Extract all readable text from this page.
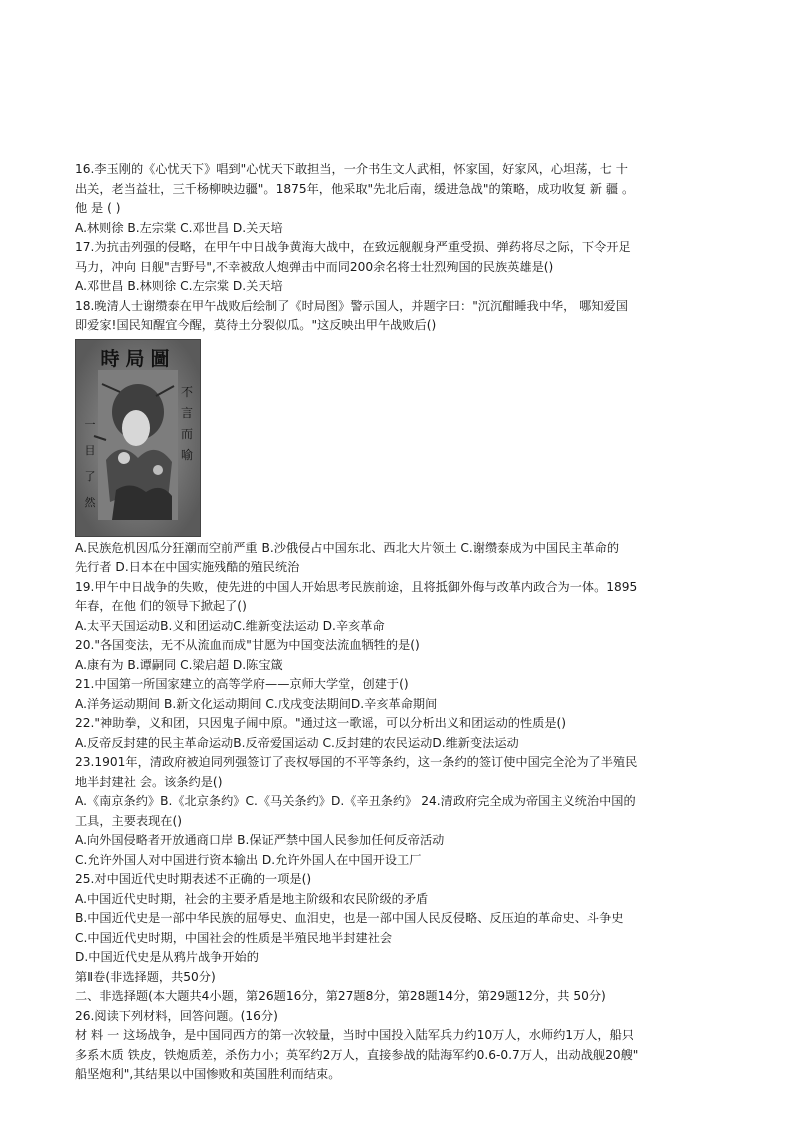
16.李玉刚的《心忧天下》唱到"心忧天下敢担当，一介书生文人武相，怀家国，好家风，心坦荡，七 十
出关，老当益壮，三千杨柳映边疆"。1875年，他采取"先北后南，缓进急战"的策略，成功收复 新 疆 。
他 是 ( )
A.林则徐 B.左宗棠 C.邓世昌 D.关天培
17.为抗击列强的侵略，在甲午中日战争黄海大战中，在致远舰舰身严重受损、弹药将尽之际，下令开足
马力，冲向 日舰"吉野号",不幸被敌人炮弹击中而同200余名将士壮烈殉国的民族英雄是()
A.邓世昌 B.林则徐 C.左宗棠 D.关天培
18.晚清人士谢缵泰在甲午战败后绘制了《时局图》警示国人，并题字曰："沉沉酣睡我中华， 哪知爱国
即爱家!国民知醒宜今醒，莫待土分裂似瓜。"这反映出甲午战败后()
時局圖
不
言
而
喻
一
目
了
然
A.民族危机因瓜分狂潮而空前严重 B.沙俄侵占中国东北、西北大片领土 C.谢缵泰成为中国民主革命的
先行者 D.日本在中国实施残酷的殖民统治
19.甲午中日战争的失败，使先进的中国人开始思考民族前途，且将抵御外侮与改革内政合为一体。1895
年春，在他 们的领导下掀起了()
A.太平天国运动B.义和团运动C.维新变法运动 D.辛亥革命
20."各国变法，无不从流血而成"甘愿为中国变法流血牺牲的是()
A.康有为 B.谭嗣同 C.梁启超 D.陈宝箴
21.中国第一所国家建立的高等学府——京师大学堂，创建于()
A.洋务运动期间 B.新文化运动期间 C.戊戌变法期间D.辛亥革命期间
22."神助拳，义和团，只因鬼子闹中原。"通过这一歌谣，可以分析出义和团运动的性质是()
A.反帝反封建的民主革命运动B.反帝爱国运动 C.反封建的农民运动D.维新变法运动
23.1901年，清政府被迫同列强签订了丧权辱国的不平等条约，这一条约的签订使中国完全沦为了半殖民
地半封建社 会。该条约是()
A.《南京条约》B.《北京条约》C.《马关条约》D.《辛丑条约》 24.清政府完全成为帝国主义统治中国的
工具，主要表现在()
A.向外国侵略者开放通商口岸 B.保证严禁中国人民参加任何反帝活动
C.允许外国人对中国进行资本输出 D.允许外国人在中国开设工厂
25.对中国近代史时期表述不正确的一项是()
A.中国近代史时期，社会的主要矛盾是地主阶级和农民阶级的矛盾
B.中国近代史是一部中华民族的屈辱史、血泪史，也是一部中国人民反侵略、反压迫的革命史、斗争史
C.中国近代史时期，中国社会的性质是半殖民地半封建社会
D.中国近代史是从鸦片战争开始的
第Ⅱ卷(非选择题，共50分)
二、非选择题(本大题共4小题，第26题16分，第27题8分，第28题14分，第29题12分，共 50分)
26.阅读下列材料，回答问题。(16分)
材 料 一 这场战争，是中国同西方的第一次较量，当时中国投入陆军兵力约10万人，水师约1万人，船只
多系木质 铁皮，铁炮质差，杀伤力小；英军约2万人，直接参战的陆海军约0.6-0.7万人，出动战舰20艘"
船坚炮利",其结果以中国惨败和英国胜利而结束。
